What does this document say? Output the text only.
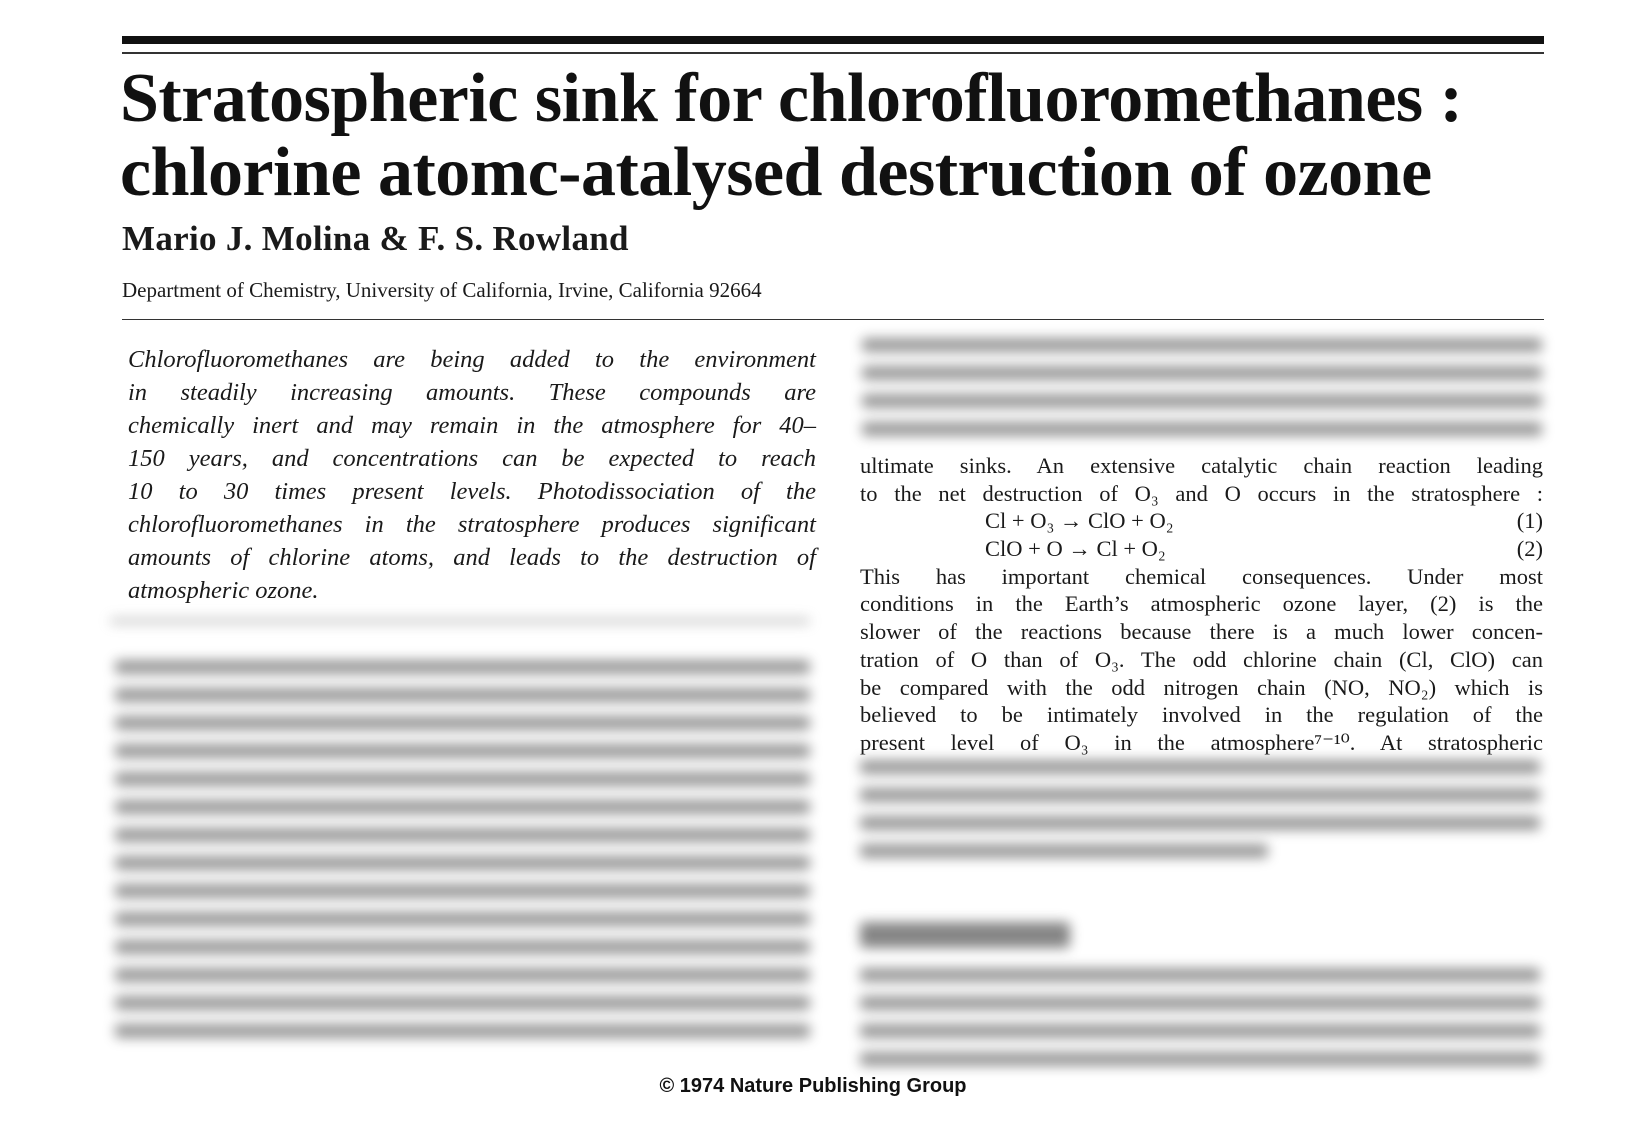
Stratospheric sink for chlorofluoromethanes :
chlorine atomc-atalysed destruction of ozone
Mario J. Molina & F. S. Rowland
Department of Chemistry, University of California, Irvine, California 92664
Chlorofluoromethanes are being added to the environment
in steadily increasing amounts. These compounds are
chemically inert and may remain in the atmosphere for 40–
150 years, and concentrations can be expected to reach
10 to 30 times present levels. Photodissociation of the
chlorofluoromethanes in the stratosphere produces significant
amounts of chlorine atoms, and leads to the destruction of
atmospheric ozone.
ultimate sinks. An extensive catalytic chain reaction leading
to the net destruction of O₃ and O occurs in the stratosphere :
Cl + O₃ → ClO + O₂	(1)
ClO + O → Cl + O₂	(2)
This has important chemical consequences. Under most
conditions in the Earth’s atmospheric ozone layer, (2) is the
slower of the reactions because there is a much lower concen-
tration of O than of O₃. The odd chlorine chain (Cl, ClO) can
be compared with the odd nitrogen chain (NO, NO₂) which is
believed to be intimately involved in the regulation of the
present level of O₃ in the atmosphere⁷⁻¹⁰. At stratospheric
© 1974 Nature Publishing Group
